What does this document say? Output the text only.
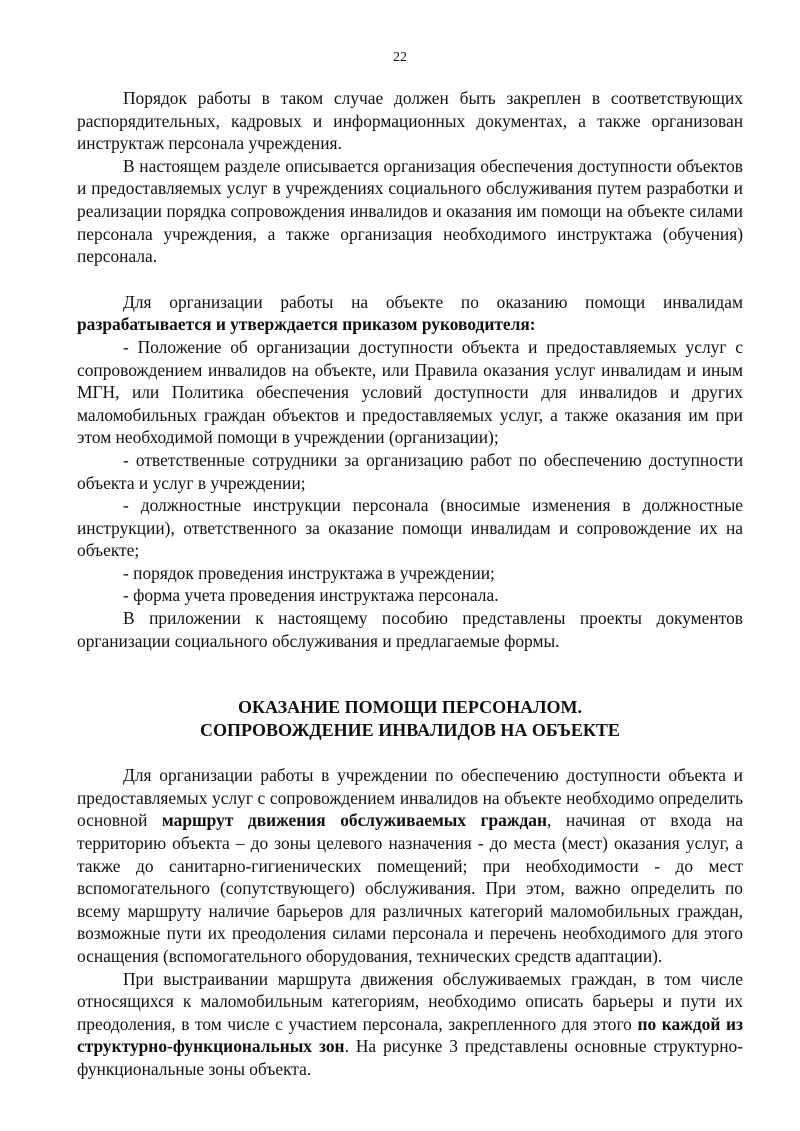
22

Порядок работы в таком случае должен быть закреплен в соответствующих распорядительных, кадровых и информационных документах, а также организован инструктаж персонала учреждения.

В настоящем разделе описывается организация обеспечения доступности объектов и предоставляемых услуг в учреждениях социального обслуживания путем разработки и реализации порядка сопровождения инвалидов и оказания им помощи на объекте силами персонала учреждения, а также организация необходимого инструктажа (обучения) персонала.

Для организации работы на объекте по оказанию помощи инвалидам разрабатывается и утверждается приказом руководителя:

- Положение об организации доступности объекта и предоставляемых услуг с сопровождением инвалидов на объекте, или Правила оказания услуг инвалидам и иным МГН, или Политика обеспечения условий доступности для инвалидов и других маломобильных граждан объектов и предоставляемых услуг, а также оказания им при этом необходимой помощи в учреждении (организации);

- ответственные сотрудники за организацию работ по обеспечению доступности объекта и услуг в учреждении;

- должностные инструкции персонала (вносимые изменения в должностные инструкции), ответственного за оказание помощи инвалидам и сопровождение их на объекте;

- порядок проведения инструктажа в учреждении;

- форма учета проведения инструктажа персонала.

В приложении к настоящему пособию представлены проекты документов организации социального обслуживания и предлагаемые формы.

ОКАЗАНИЕ ПОМОЩИ ПЕРСОНАЛОМ.
СОПРОВОЖДЕНИЕ ИНВАЛИДОВ НА ОБЪЕКТЕ

Для организации работы в учреждении по обеспечению доступности объекта и предоставляемых услуг с сопровождением инвалидов на объекте необходимо определить основной маршрут движения обслуживаемых граждан, начиная от входа на территорию объекта – до зоны целевого назначения - до места (мест) оказания услуг, а также до санитарно-гигиенических помещений; при необходимости - до мест вспомогательного (сопутствующего) обслуживания. При этом, важно определить по всему маршруту наличие барьеров для различных категорий маломобильных граждан, возможные пути их преодоления силами персонала и перечень необходимого для этого оснащения (вспомогательного оборудования, технических средств адаптации).

При выстраивании маршрута движения обслуживаемых граждан, в том числе относящихся к маломобильным категориям, необходимо описать барьеры и пути их преодоления, в том числе с участием персонала, закрепленного для этого по каждой из структурно-функциональных зон. На рисунке 3 представлены основные структурно-функциональные зоны объекта.
